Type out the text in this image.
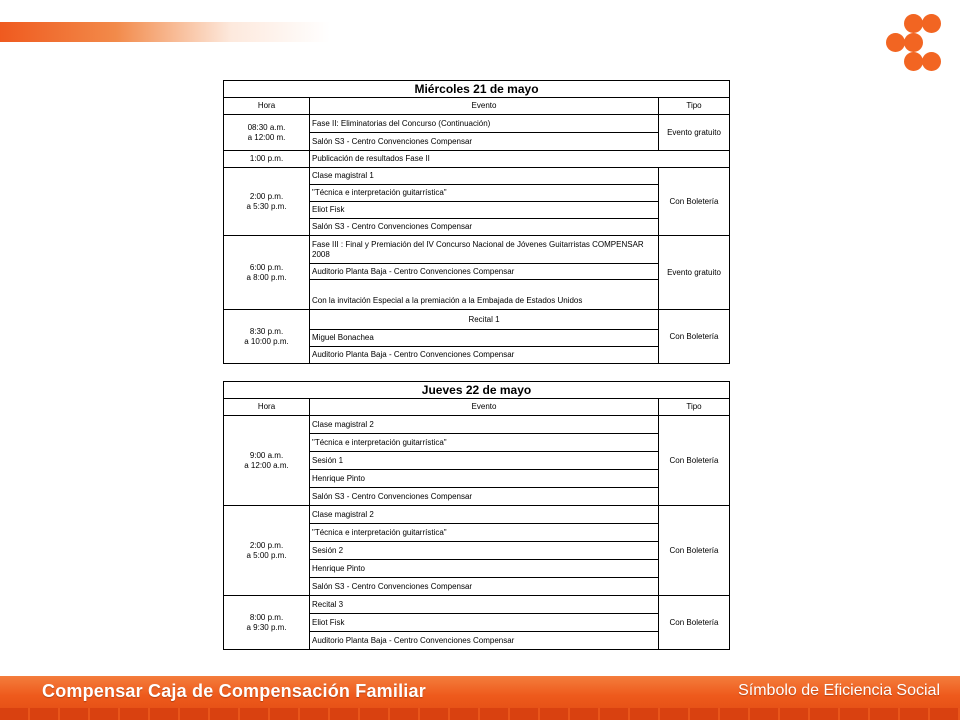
Miércoles 21 de mayo		
Hora	Evento	Tipo
08:30 a.m.
a 12:00 m.	Fase II: Eliminatorias del Concurso (Continuación)	Evento gratuito
	Salón S3 - Centro Convenciones Compensar	
1:00 p.m.	Publicación de resultados Fase II	
2:00 p.m.
a 5:30 p.m.	Clase magistral 1	Con Boletería
	"Técnica e interpretación guitarrística"	
	Eliot Fisk	
	Salón S3 - Centro Convenciones Compensar	
6:00 p.m.
a 8:00 p.m.	Fase III : Final y Premiación del IV Concurso Nacional de Jóvenes Guitarristas COMPENSAR 2008	Evento gratuito
	Auditorio Planta Baja - Centro Convenciones Compensar	
	Con la invitación Especial a la premiación a la Embajada de Estados Unidos	
8:30 p.m.
a 10:00 p.m.	Recital 1	Con Boletería
	Miguel Bonachea	
	Auditorio Planta Baja - Centro Convenciones Compensar	
Jueves 22 de mayo		
Hora	Evento	Tipo
9:00 a.m.
a 12:00 a.m.	Clase magistral 2	Con Boletería
	"Técnica e interpretación guitarrística"	
	Sesión 1	
	Henrique Pinto	
	Salón S3 - Centro Convenciones Compensar	
2:00 p.m.
a 5:00 p.m.	Clase magistral 2	Con Boletería
	"Técnica e interpretación guitarrística"	
	Sesión 2	
	Henrique Pinto	
	Salón S3 - Centro Convenciones Compensar	
8:00 p.m.
a 9:30 p.m.	Recital 3	Con Boletería
	Eliot Fisk	
	Auditorio Planta Baja - Centro Convenciones Compensar	
Compensar Caja de Compensación Familiar	Símbolo de Eficiencia Social
